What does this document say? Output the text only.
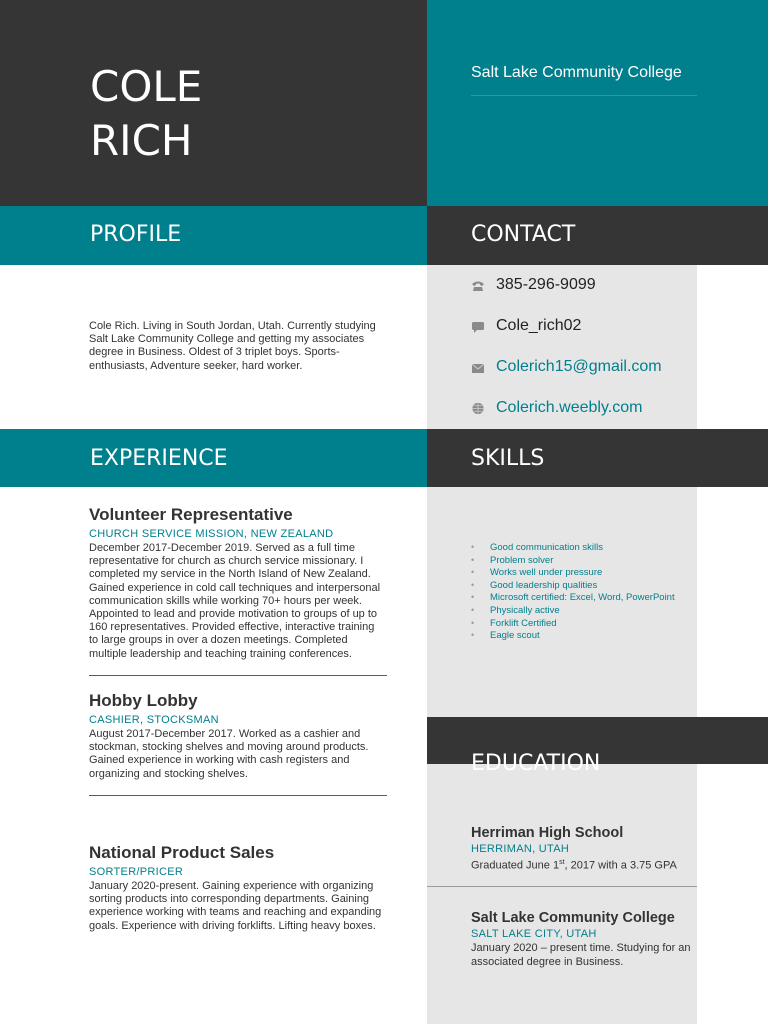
COLE
RICH
Salt Lake Community College
PROFILE	CONTACT
EXPERIENCE	SKILLS
EDUCATION
Cole Rich. Living in South Jordan, Utah. Currently studying Salt Lake Community College and getting my associates degree in Business. Oldest of 3 triplet boys. Sports-enthusiasts, Adventure seeker, hard worker.
385-296-9099
Cole_rich02
Colerich15@gmail.com
Colerich.weebly.com
Volunteer Representative
CHURCH SERVICE MISSION, NEW ZEALAND
December 2017-December 2019. Served as a full time representative for church as church service missionary. I completed my service in the North Island of New Zealand. Gained experience in cold call techniques and interpersonal communication skills while working 70+ hours per week. Appointed to lead and provide motivation to groups of up to 160 representatives. Provided effective, interactive training to large groups in over a dozen meetings. Completed multiple leadership and teaching training conferences.
Hobby Lobby
CASHIER, STOCKSMAN
August 2017-December 2017. Worked as a cashier and stockman, stocking shelves and moving around products. Gained experience in working with cash registers and organizing and stocking shelves.
National Product Sales
SORTER/PRICER
January 2020-present. Gaining experience with organizing sorting products into corresponding departments. Gaining experience working with teams and reaching and expanding goals. Experience with driving forklifts. Lifting heavy boxes.
• Good communication skills
• Problem solver
• Works well under pressure
• Good leadership qualities
• Microsoft certified: Excel, Word, PowerPoint
• Physically active
• Forklift Certified
• Eagle scout
Herriman High School
HERRIMAN, UTAH
Graduated June 1st, 2017 with a 3.75 GPA
Salt Lake Community College
SALT LAKE CITY, UTAH
January 2020 – present time. Studying for an associated degree in Business.
